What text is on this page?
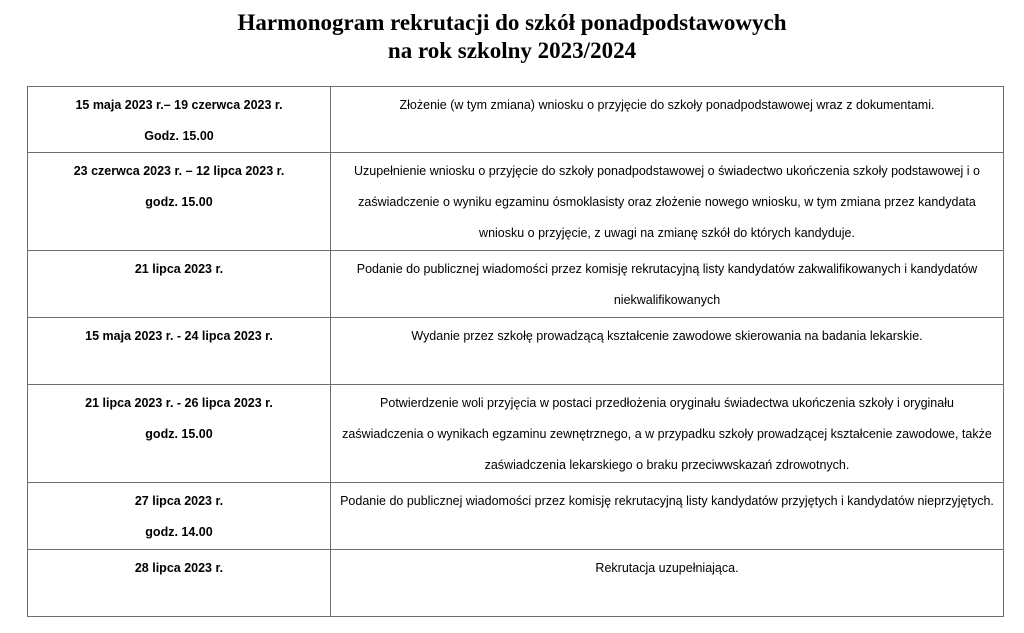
Harmonogram rekrutacji do szkół ponadpodstawowych
na rok szkolny 2023/2024
15 maja 2023 r.– 19 czerwca 2023 r.
Godz. 15.00	Złożenie (w tym zmiana) wniosku o przyjęcie do szkoły ponadpodstawowej wraz z dokumentami.

23 czerwca 2023 r. – 12 lipca 2023 r.
godz. 15.00	Uzupełnienie wniosku o przyjęcie do szkoły ponadpodstawowej o świadectwo ukończenia szkoły podstawowej i o zaświadczenie o wyniku egzaminu ósmoklasisty oraz złożenie nowego wniosku, w tym zmiana przez kandydata wniosku o przyjęcie, z uwagi na zmianę szkół do których kandyduje.

21 lipca 2023 r.	Podanie do publicznej wiadomości przez komisję rekrutacyjną listy kandydatów zakwalifikowanych i kandydatów niekwalifikowanych

15 maja 2023 r. - 24 lipca 2023 r.	Wydanie przez szkołę prowadzącą kształcenie zawodowe skierowania na badania lekarskie.

21 lipca 2023 r. - 26 lipca 2023 r.
godz. 15.00	Potwierdzenie woli przyjęcia w postaci przedłożenia oryginału świadectwa ukończenia szkoły i oryginału zaświadczenia o wynikach egzaminu zewnętrznego, a w przypadku szkoły prowadzącej kształcenie zawodowe, także zaświadczenia lekarskiego o braku przeciwwskazań zdrowotnych.

27 lipca 2023 r.
godz. 14.00	Podanie do publicznej wiadomości przez komisję rekrutacyjną listy kandydatów przyjętych i kandydatów nieprzyjętych.

28 lipca 2023 r.	Rekrutacja uzupełniająca.
